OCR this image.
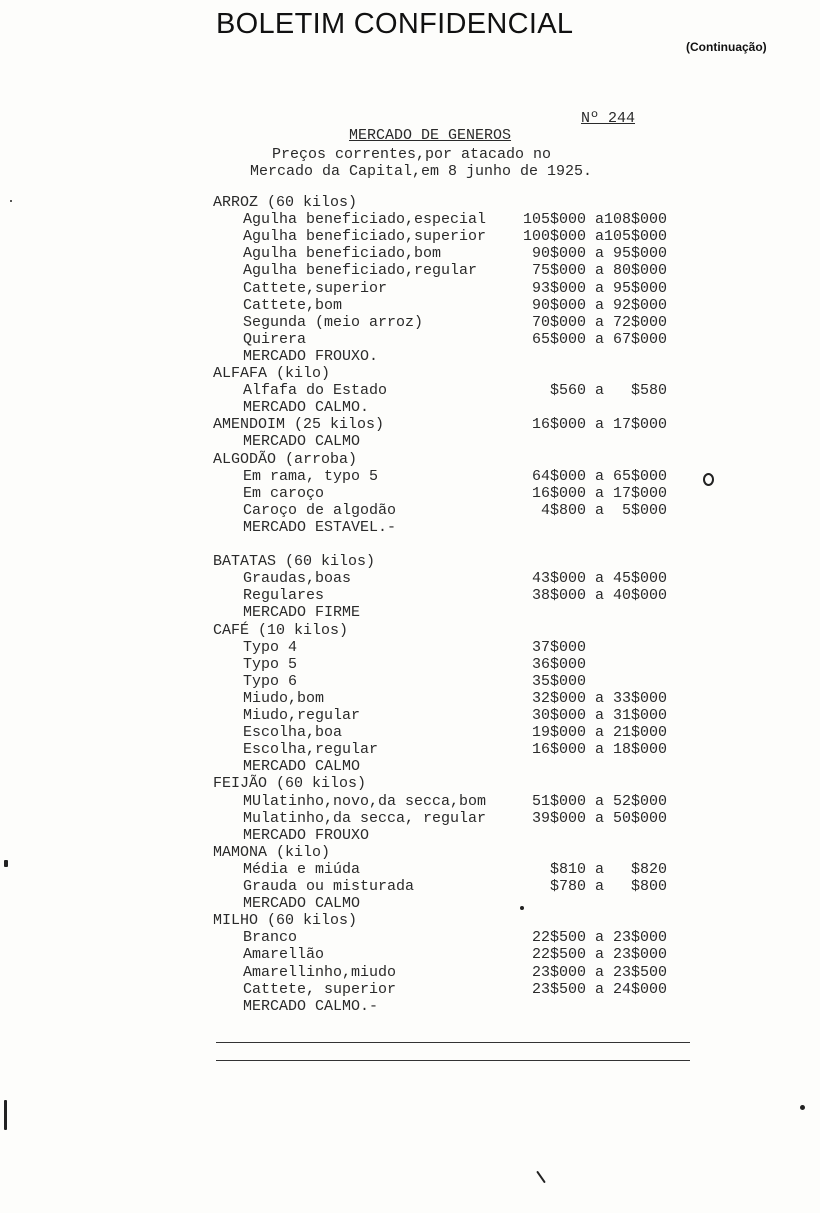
BOLETIM CONFIDENCIAL
(Continuação)

MERCADO DE GENEROS

Nº 244

Preços correntes,por atacado no
Mercado da Capital,em 8 junho de 1925.
ARROZ (60 kilos)
Agulha beneficiado,especial 105$000 a108$000
Agulha beneficiado,superior 100$000 a105$000
Agulha beneficiado,bom	90$000 a 95$000
Agulha beneficiado,regular	75$000 a 80$000
Cattete,superior	93$000 a 95$000
Cattete,bom	90$000 a 92$000
Segunda (meio arroz)	70$000 a 72$000
Quirera	65$000 a 67$000
MERCADO FROUXO.
ALFAFA (kilo)
Alfafa do Estado	$560 a   $580
MERCADO CALMO.
AMENDOIM (25 kilos)	16$000 a 17$000
MERCADO CALMO
ALGODÃO (arroba)
Em rama, typo 5	64$000 a 65$000
Em caroço	16$000 a 17$000
Caroço de algodão	4$800 a  5$000
MERCADO ESTAVEL.-
BATATAS (60 kilos)
Graudas,boas	43$000 a 45$000
Regulares	38$000 a 40$000
MERCADO FIRME
CAFÉ (10 kilos)
Typo 4	37$000
Typo 5	36$000
Typo 6	35$000
Miudo,bom	32$000 a 33$000
Miudo,regular	30$000 a 31$000
Escolha,boa	19$000 a 21$000
Escolha,regular	16$000 a 18$000
MERCADO CALMO
FEIJÃO (60 kilos)
MUlatinho,novo,da secca,bom 51$000 a 52$000
Mulatinho,da secca, regular 39$000 a 50$000
MERCADO FROUXO
MAMONA (kilo)
Média e miúda	$810 a   $820
Grauda ou misturada	$780 a   $800
MERCADO CALMO
MILHO (60 kilos)
Branco	22$500 a 23$000
Amarellão	22$500 a 23$000
Amarellinho,miudo	23$000 a 23$500
Cattete, superior	23$500 a 24$000
MERCADO CALMO.-
